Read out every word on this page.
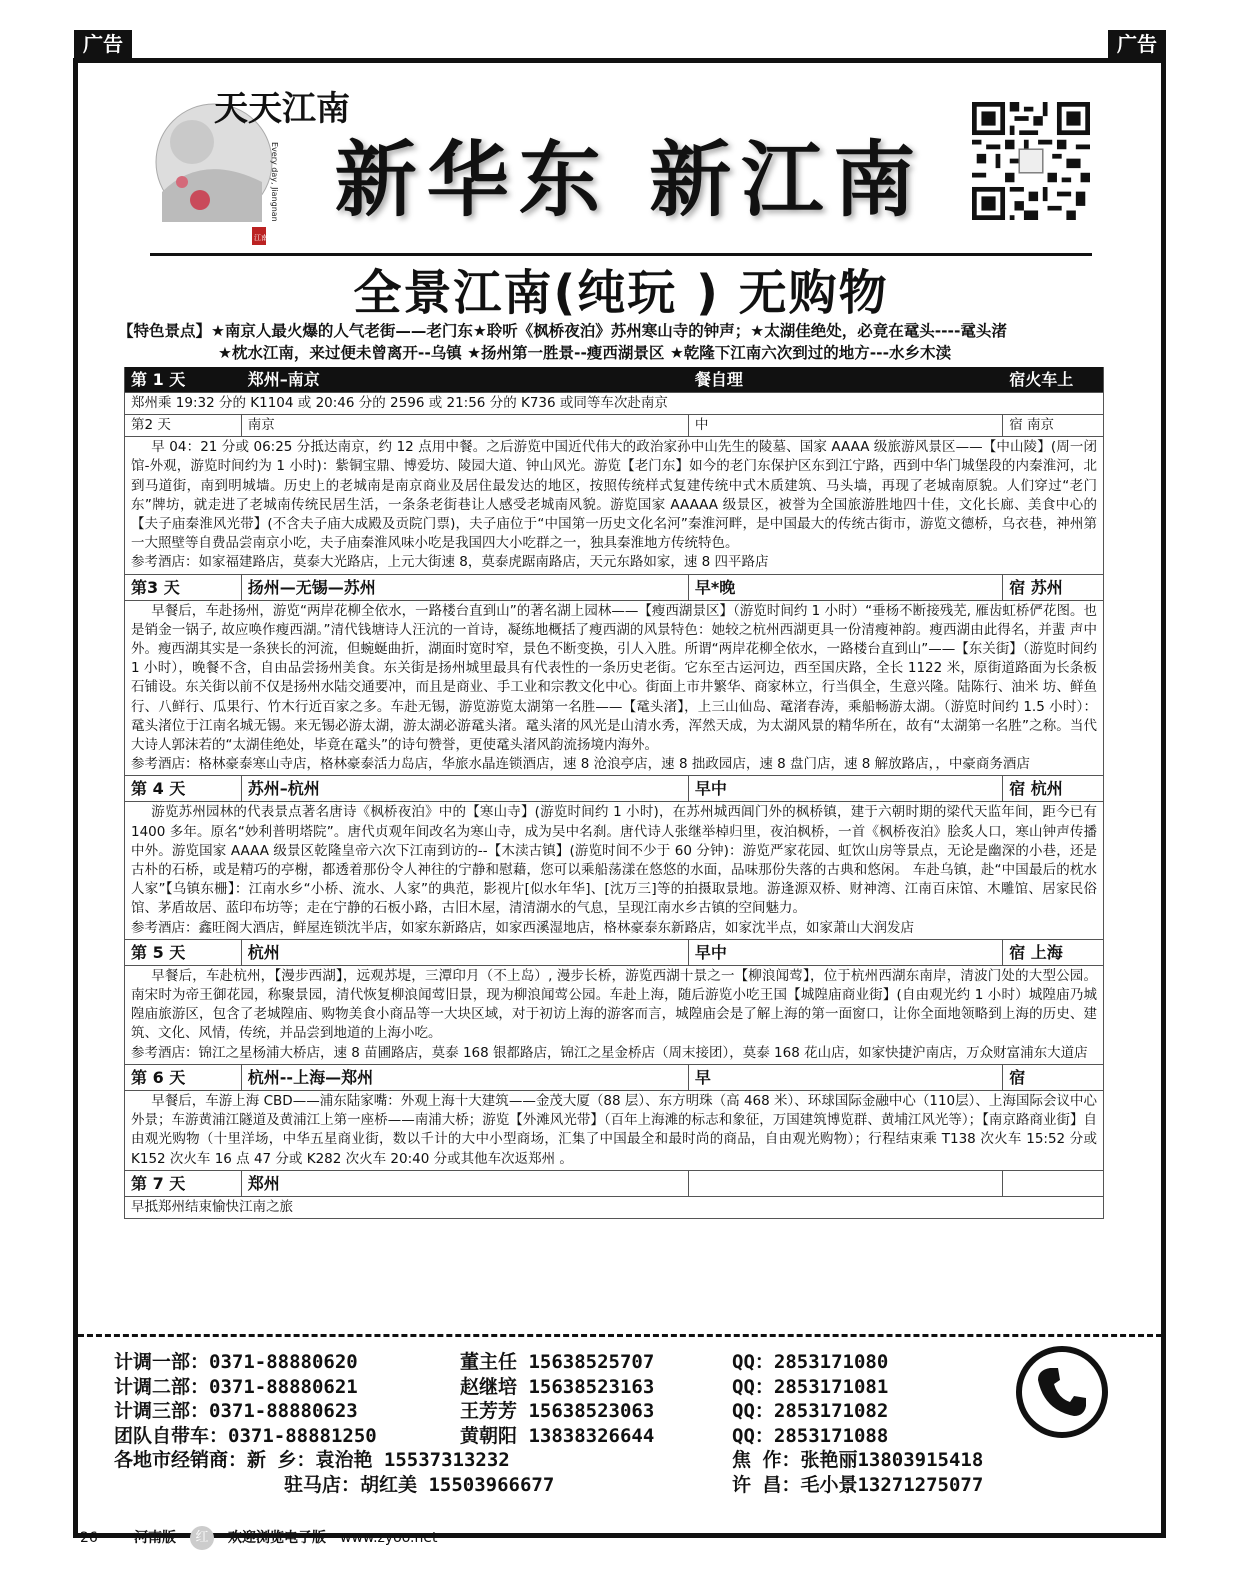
广告	广告
天天江南
Every day, Jiangnan
江南
新华东 新江南
全景江南(纯玩 ) 无购物
【特色景点】★南京人最火爆的人气老街——老门东★聆听《枫桥夜泊》苏州寒山寺的钟声；★太湖佳绝处，必竟在鼋头----鼋头渚
★枕水江南，来过便未曾离开--乌镇 ★扬州第一胜景--瘦西湖景区 ★乾隆下江南六次到过的地方---水乡木渎
第 1 天	郑州–南京	餐自理	宿火车上
郑州乘 19:32 分的 K1104 或 20:46 分的 2596 或 21:56 分的 K736 或同等车次赴南京
第2 天	南京	中	宿 南京

早 04：21 分或 06:25 分抵达南京，约 12 点用中餐。之后游览中国近代伟大的政治家孙中山先生的陵墓、国家 AAAA 级旅游风景区——【中山陵】(周一闭馆-外观，游览时间约为 1 小时)：紫铜宝鼎、博爱坊、陵园大道、钟山风光。游览【老门东】如今的老门东保护区东到江宁路，西到中华门城堡段的内秦淮河，北到马道街，南到明城墙。历史上的老城南是南京商业及居住最发达的地区，按照传统样式复建传统中式木质建筑、马头墙，再现了老城南原貌。人们穿过“老门东”牌坊，就走进了老城南传统民居生活，一条条老街巷让人感受老城南风貌。游览国家 AAAAA 级景区，被誉为全国旅游胜地四十佳，文化长廊、美食中心的【夫子庙秦淮风光带】(不含夫子庙大成殿及贡院门票)，夫子庙位于“中国第一历史文化名河”秦淮河畔，是中国最大的传统古街市，游览文德桥，乌衣巷，神州第一大照壁等自费品尝南京小吃，夫子庙秦淮风味小吃是我国四大小吃群之一，独具秦淮地方传统特色。

参考酒店：如家福建路店，莫泰大光路店，上元大街速 8，莫泰虎踞南路店，天元东路如家，速 8 四平路店
第3 天	扬州—无锡—苏州	早*晚	宿 苏州

早餐后，车赴扬州，游览“两岸花柳全依水，一路楼台直到山”的著名湖上园林——【瘦西湖景区】（游览时间约 1 小时）“垂杨不断接残芜, 雁齿虹桥俨花图。也是销金一锅子, 故应唤作瘦西湖。”清代钱塘诗人汪沆的一首诗，凝练地概括了瘦西湖的风景特色：她较之杭州西湖更具一份清瘦神韵。瘦西湖由此得名，并蜚 声中外。瘦西湖其实是一条狭长的河流，但蜿蜒曲折，湖面时宽时窄，景色不断变换，引人入胜。所谓“两岸花柳全依水，一路楼台直到山”——【东关街】（游览时间约 1 小时），晚餐不含，自由品尝扬州美食。东关街是扬州城里最具有代表性的一条历史老街。它东至古运河边，西至国庆路，全长 1122 米，原街道路面为长条板石铺设。东关街以前不仅是扬州水陆交通要冲，而且是商业、手工业和宗教文化中心。街面上市井繁华、商家林立，行当俱全，生意兴隆。陆陈行、油米 坊、鲜鱼行、八鲜行、瓜果行、竹木行近百家之多。车赴无锡，游览游览太湖第一名胜——【鼋头渚】，上三山仙岛、鼋渚春涛，乘船畅游太湖。（游览时间约 1.5 小时）：鼋头渚位于江南名城无锡。来无锡必游太湖，游太湖必游鼋头渚。鼋头渚的风光是山清水秀，浑然天成，为太湖风景的精华所在，故有“太湖第一名胜”之称。当代大诗人郭沫若的“太湖佳绝处，毕竟在鼋头”的诗句赞誉，更使鼋头渚风韵流扬境内海外。

参考酒店：格林豪泰寒山寺店，格林豪泰活力岛店，华旅水晶连锁酒店，速 8 沧浪亭店，速 8 拙政园店，速 8 盘门店，速 8 解放路店，，中豪商务酒店
第 4 天	苏州–杭州	早中	宿 杭州

游览苏州园林的代表景点著名唐诗《枫桥夜泊》中的【寒山寺】(游览时间约 1 小时)，在苏州城西阊门外的枫桥镇，建于六朝时期的梁代天监年间，距今已有 1400 多年。原名“妙利普明塔院”。唐代贞观年间改名为寒山寺，成为吴中名刹。唐代诗人张继举棹归里，夜泊枫桥，一首《枫桥夜泊》脍炙人口，寒山钟声传播中外。游览国家 AAAA 级景区乾隆皇帝六次下江南到访的--【木渎古镇】(游览时间不少于 60 分钟)：游览严家花园、虹饮山房等景点，无论是幽深的小巷，还是古朴的石桥，或是精巧的亭榭，都透着那份令人神往的宁静和慰藉，您可以乘船荡漾在悠悠的水面，品味那份失落的古典和悠闲。 车赴乌镇，赴“中国最后的枕水人家”【乌镇东栅】：江南水乡“小桥、流水、人家”的典范，影视片[似水年华]、[沈万三]等的拍摄取景地。游逢源双桥、财神湾、江南百床馆、木雕馆、居家民俗馆、茅盾故居、蓝印布坊等；走在宁静的石板小路，古旧木屋，清清湖水的气息，呈现江南水乡古镇的空间魅力。

参考酒店：鑫旺阁大酒店，鲜屋连锁沈半店，如家东新路店，如家西溪湿地店，格林豪泰东新路店，如家沈半点，如家萧山大润发店
第 5 天	杭州	早中	宿 上海

早餐后，车赴杭州，【漫步西湖】，远观苏堤，三潭印月（不上岛）, 漫步长桥，游览西湖十景之一【柳浪闻莺】，位于杭州西湖东南岸，清波门处的大型公园。南宋时为帝王御花园，称聚景园，清代恢复柳浪闻莺旧景，现为柳浪闻莺公园。车赴上海，随后游览小吃王国【城隍庙商业街】(自由观光约 1 小时）城隍庙乃城隍庙旅游区，包含了老城隍庙、购物美食小商品等一大块区域，对于初访上海的游客而言，城隍庙会是了解上海的第一面窗口，让你全面地领略到上海的历史、建筑、文化、风情，传统，并品尝到地道的上海小吃。

参考酒店：锦江之星杨浦大桥店，速 8 苗圃路店，莫泰 168 银都路店，锦江之星金桥店（周末接团），莫泰 168 花山店，如家快捷沪南店，万众财富浦东大道店
第 6 天	杭州--上海—郑州	早	宿

早餐后，车游上海 CBD——浦东陆家嘴：外观上海十大建筑——金茂大厦（88 层）、东方明珠（高 468 米）、环球国际金融中心（110层）、上海国际会议中心外景；车游黄浦江隧道及黄浦江上第一座桥——南浦大桥；游览【外滩风光带】（百年上海滩的标志和象征，万国建筑博览群、黄埔江风光等）；【南京路商业街】自由观光购物（十里洋场，中华五星商业街，数以千计的大中小型商场，汇集了中国最全和最时尚的商品，自由观光购物）；行程结束乘 T138 次火车 15:52 分或 K152 次火车 16 点 47 分或 K282 次火车 20:40 分或其他车次返郑州 。

第 7 天	郑州

早抵郑州结束愉快江南之旅
计调一部：0371-88880620	董主任 15638525707	QQ：2853171080
计调二部：0371-88880621	赵继培 15638523163	QQ：2853171081
计调三部：0371-88880623	王芳芳 15638523063	QQ：2853171082
团队自带车：0371-88881250	黄朝阳 13838326644	QQ：2853171088
各地市经销商：新 乡：袁治艳 15537313232	焦 作：张艳丽13803915418
驻马店：胡红美 15503966677	许 昌：毛小景13271275077
26	河南版	红	欢迎浏览电子版 www.zyoo.net
